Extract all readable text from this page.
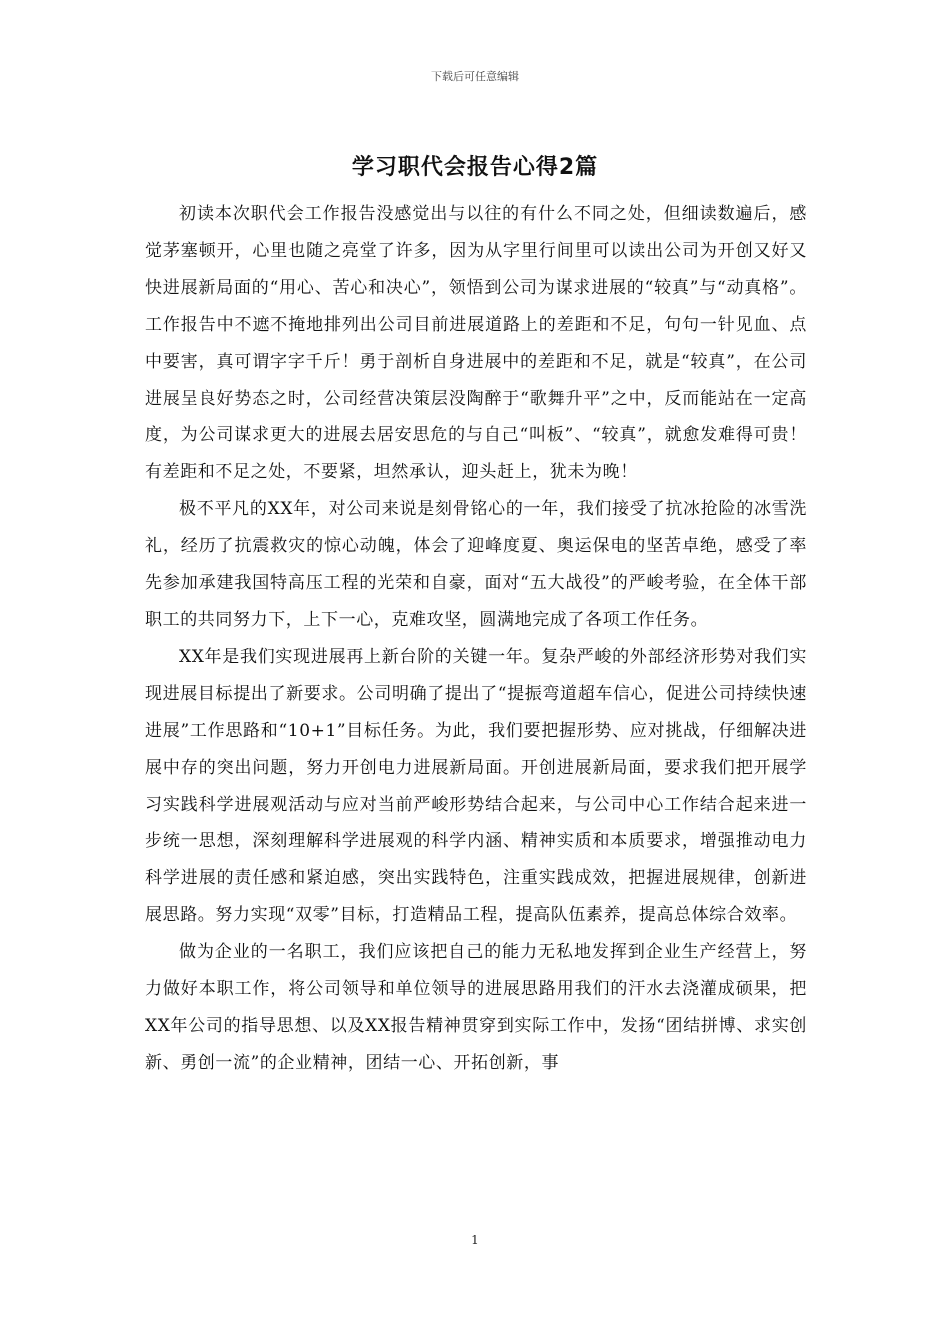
下载后可任意编辑
学习职代会报告心得2篇

初读本次职代会工作报告没感觉出与以往的有什么不同之处，但细读数遍后，感觉茅塞顿开，心里也随之亮堂了许多，因为从字里行间里可以读出公司为开创又好又快进展新局面的“用心、苦心和决心”，领悟到公司为谋求进展的“较真”与“动真格”。工作报告中不遮不掩地排列出公司目前进展道路上的差距和不足，句句一针见血、点中要害，真可谓字字千斤！勇于剖析自身进展中的差距和不足，就是“较真”，在公司进展呈良好势态之时，公司经营决策层没陶醉于“歌舞升平”之中，反而能站在一定高度，为公司谋求更大的进展去居安思危的与自己“叫板”、“较真”，就愈发难得可贵！有差距和不足之处，不要紧，坦然承认，迎头赶上，犹未为晚！

极不平凡的XX年，对公司来说是刻骨铭心的一年，我们接受了抗冰抢险的冰雪洗礼，经历了抗震救灾的惊心动魄，体会了迎峰度夏、奥运保电的坚苦卓绝，感受了率先参加承建我国特高压工程的光荣和自豪，面对“五大战役”的严峻考验，在全体干部职工的共同努力下，上下一心，克难攻坚，圆满地完成了各项工作任务。

XX年是我们实现进展再上新台阶的关键一年。复杂严峻的外部经济形势对我们实现进展目标提出了新要求。公司明确了提出了“提振弯道超车信心，促进公司持续快速进展”工作思路和“10+1”目标任务。为此，我们要把握形势、应对挑战，仔细解决进展中存的突出问题，努力开创电力进展新局面。开创进展新局面，要求我们把开展学习实践科学进展观活动与应对当前严峻形势结合起来，与公司中心工作结合起来进一步统一思想，深刻理解科学进展观的科学内涵、精神实质和本质要求，增强推动电力科学进展的责任感和紧迫感，突出实践特色，注重实践成效，把握进展规律，创新进展思路。努力实现“双零”目标，打造精品工程，提高队伍素养，提高总体综合效率。

做为企业的一名职工，我们应该把自己的能力无私地发挥到企业生产经营上，努力做好本职工作，将公司领导和单位领导的进展思路用我们的汗水去浇灌成硕果，把XX年公司的指导思想、以及XX报告精神贯穿到实际工作中，发扬“团结拼博、求实创新、勇创一流”的企业精神，团结一心、开拓创新，事

1
